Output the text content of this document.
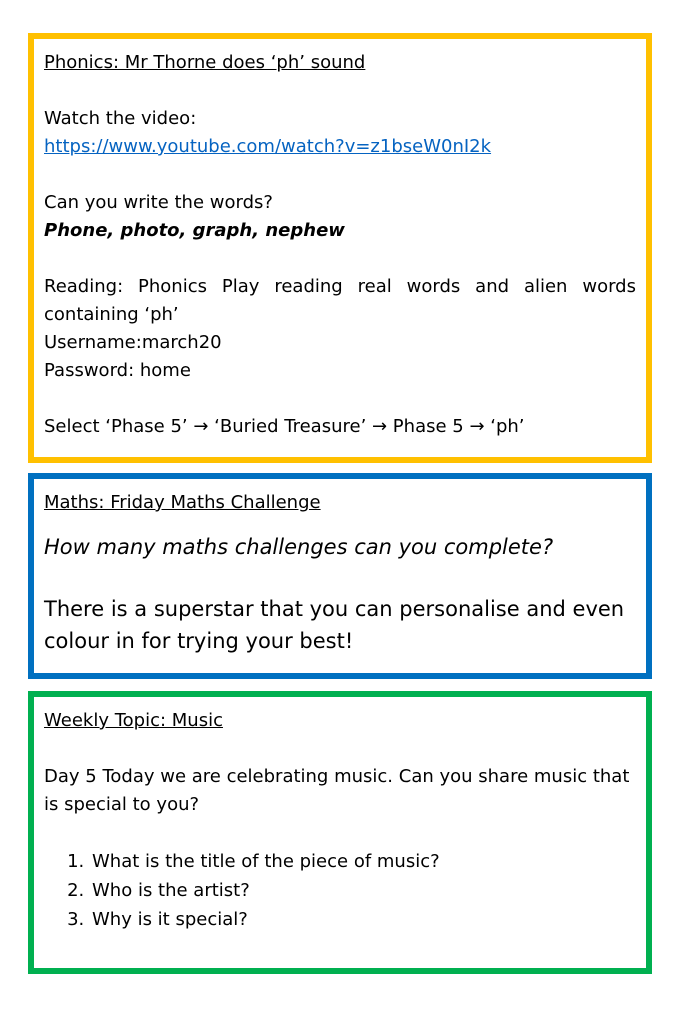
Phonics: Mr Thorne does ‘ph’ sound

Watch the video:

https://www.youtube.com/watch?v=z1bseW0nI2k

Can you write the words?

Phone, photo, graph, nephew

Reading: Phonics Play reading real words and alien words

containing ‘ph’

Username:march20

Password: home

Select ‘Phase 5’ → ‘Buried Treasure’ → Phase 5 → ‘ph’

Maths: Friday Maths Challenge

How many maths challenges can you complete?

There is a superstar that you can personalise and even colour in for trying your best!

Weekly Topic: Music

Day 5 Today we are celebrating music. Can you share music that is special to you?

1. What is the title of the piece of music?
2. Who is the artist?
3. Why is it special?
